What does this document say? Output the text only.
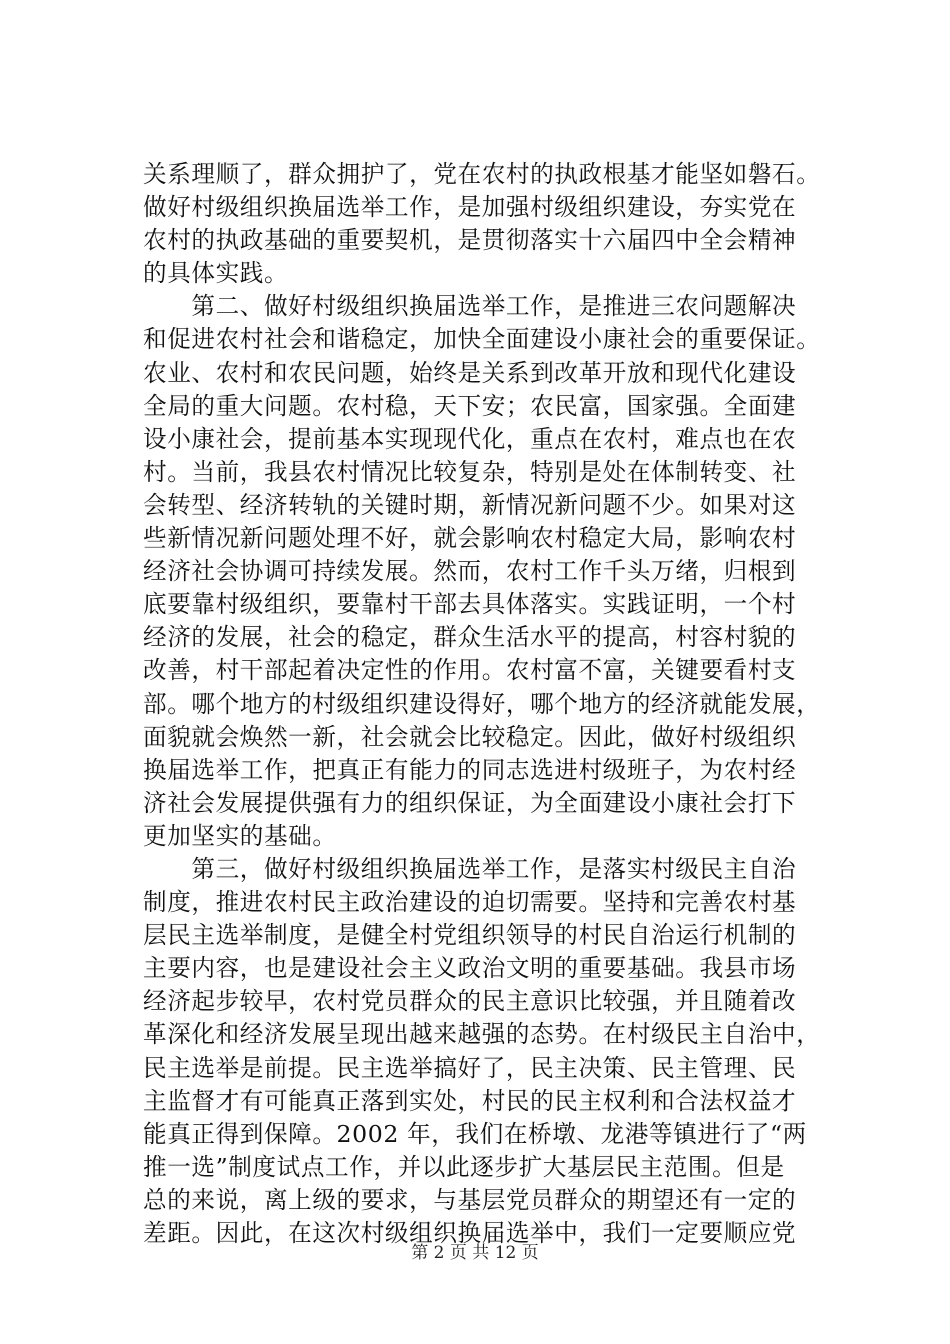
关系理顺了，群众拥护了，党在农村的执政根基才能坚如磐石。
做好村级组织换届选举工作，是加强村级组织建设，夯实党在
农村的执政基础的重要契机，是贯彻落实十六届四中全会精神
的具体实践。
　　第二、做好村级组织换届选举工作，是推进三农问题解决
和促进农村社会和谐稳定，加快全面建设小康社会的重要保证。
农业、农村和农民问题，始终是关系到改革开放和现代化建设
全局的重大问题。农村稳，天下安；农民富，国家强。全面建
设小康社会，提前基本实现现代化，重点在农村，难点也在农
村。当前，我县农村情况比较复杂，特别是处在体制转变、社
会转型、经济转轨的关键时期，新情况新问题不少。如果对这
些新情况新问题处理不好，就会影响农村稳定大局，影响农村
经济社会协调可持续发展。然而，农村工作千头万绪，归根到
底要靠村级组织，要靠村干部去具体落实。实践证明，一个村
经济的发展，社会的稳定，群众生活水平的提高，村容村貌的
改善，村干部起着决定性的作用。农村富不富，关键要看村支
部。哪个地方的村级组织建设得好，哪个地方的经济就能发展，
面貌就会焕然一新，社会就会比较稳定。因此，做好村级组织
换届选举工作，把真正有能力的同志选进村级班子，为农村经
济社会发展提供强有力的组织保证，为全面建设小康社会打下
更加坚实的基础。
　　第三，做好村级组织换届选举工作，是落实村级民主自治
制度，推进农村民主政治建设的迫切需要。坚持和完善农村基
层民主选举制度，是健全村党组织领导的村民自治运行机制的
主要内容，也是建设社会主义政治文明的重要基础。我县市场
经济起步较早，农村党员群众的民主意识比较强，并且随着改
革深化和经济发展呈现出越来越强的态势。在村级民主自治中，
民主选举是前提。民主选举搞好了，民主决策、民主管理、民
主监督才有可能真正落到实处，村民的民主权利和合法权益才
能真正得到保障。2002 年，我们在桥墩、龙港等镇进行了“两
推一选”制度试点工作，并以此逐步扩大基层民主范围。但是
总的来说，离上级的要求，与基层党员群众的期望还有一定的
差距。因此，在这次村级组织换届选举中，我们一定要顺应党
第 2 页 共 12 页
